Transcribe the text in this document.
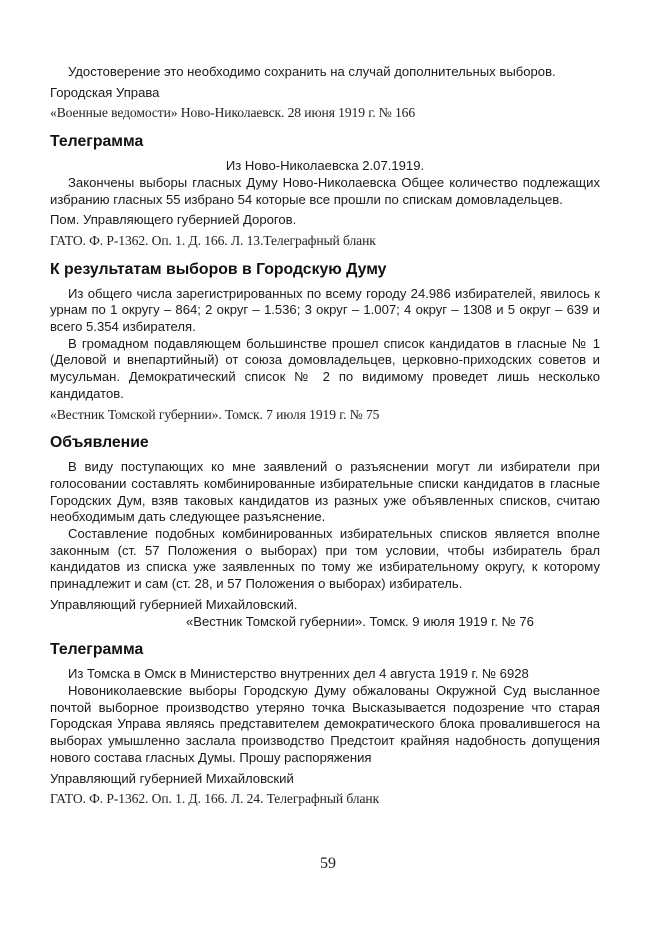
Удостоверение это необходимо сохранить на случай дополнительных выборов.

Городская Управа

«Военные ведомости» Ново-Николаевск. 28 июня 1919 г. № 166

Телеграмма

Из Ново-Николаевска 2.07.1919.

Закончены выборы гласных Думу Ново-Николаевска Общее количество подлежащих избранию гласных 55 избрано 54 которые все прошли по спискам домовладельцев.

Пом. Управляющего губернией Дорогов.

ГАТО. Ф. Р-1362. Оп. 1. Д. 166. Л. 13.Телеграфный бланк

К результатам выборов в Городскую Думу

Из общего числа зарегистрированных по всему городу 24.986 избирателей, явилось к урнам по 1 округу – 864; 2 округ – 1.536; 3 округ – 1.007; 4 округ – 1308 и 5 округ – 639 и всего 5.354 избирателя.

В громадном подавляющем большинстве прошел список кандидатов в гласные № 1 (Деловой и внепартийный) от союза домовладельцев, церковно-приходских советов и мусульман. Демократический список № 2 по видимому проведет лишь несколько кандидатов.

«Вестник Томской губернии». Томск. 7 июля 1919 г. № 75

Объявление

В виду поступающих ко мне заявлений о разъяснении могут ли избиратели при голосовании составлять комбинированные избирательные списки кандидатов в гласные Городских Дум, взяв таковых кандидатов из разных уже объявленных списков, считаю необходимым дать следующее разъяснение.

Составление подобных комбинированных избирательных списков является вполне законным (ст. 57 Положения о выборах) при том условии, чтобы избиратель брал кандидатов из списка уже заявленных по тому же избирательному округу, к которому принадлежит и сам (ст. 28, и 57 Положения о выборах) избиратель.

Управляющий губернией Михайловский.

«Вестник Томской губернии». Томск. 9 июля 1919 г. № 76

Телеграмма

Из Томска в Омск в Министерство внутренних дел 4 августа 1919 г. № 6928

Новониколаевские выборы Городскую Думу обжалованы Окружной Суд высланное почтой выборное производство утеряно точка Высказывается подозрение что старая Городская Управа являясь представителем демократического блока провалившегося на выборах умышленно заслала производство Предстоит крайняя надобность допущения нового состава гласных Думы. Прошу распоряжения

Управляющий губернией Михайловский

ГАТО. Ф. Р-1362. Оп. 1. Д. 166. Л. 24. Телеграфный бланк

59
